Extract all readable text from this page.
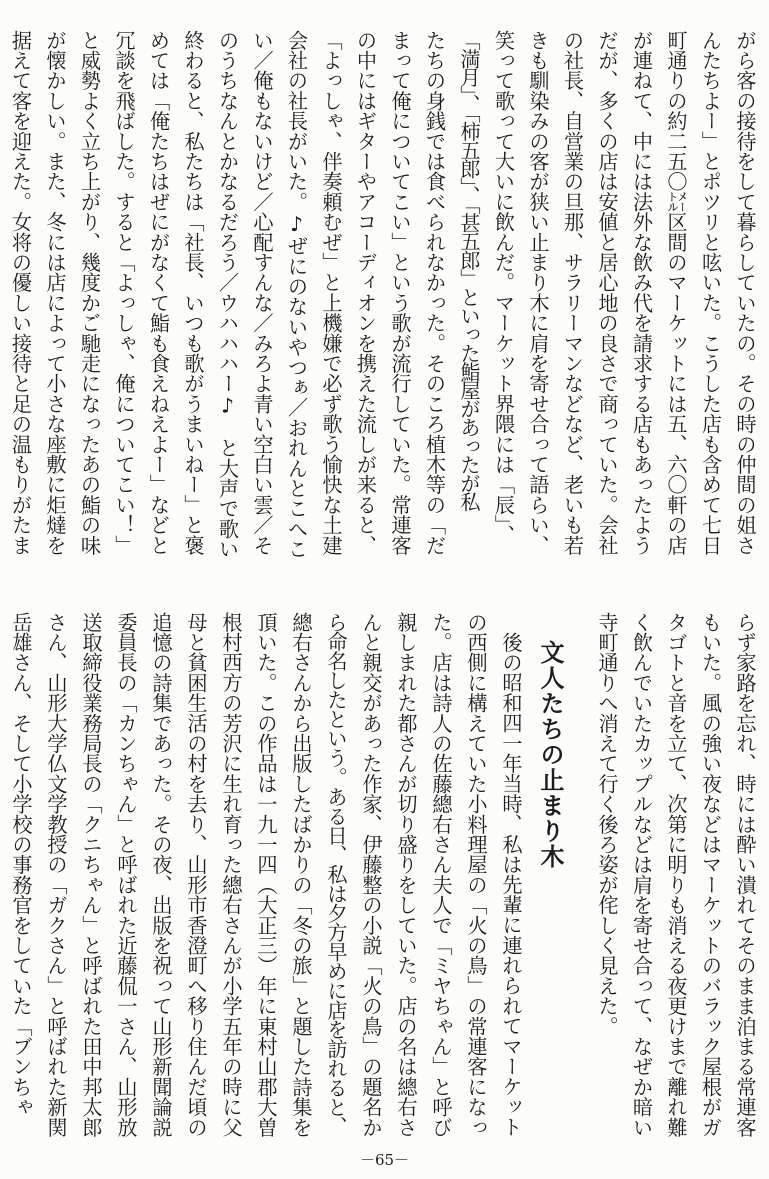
がら客の接待をして暮らしていたの。その時の仲間の姐さ
んたちよー」とポツリと呟いた。こうした店も含めて七日
町通りの約二五〇㍍区間のマーケットには五、六〇軒の店
が連ねて、中には法外な飲み代を請求する店もあったよう
だが、多くの店は安値と居心地の良さで商っていた。会社
の社長、自営業の旦那、サラリーマンなどなど、老いも若
きも馴染みの客が狭い止まり木に肩を寄せ合って語らい、
笑って歌って大いに飲んだ。マーケット界隈には「辰」、
「満月」、「柿五郎」、「甚五郎」といった鮨屋があったが私
たちの身銭では食べられなかった。そのころ植木等の「だ
まって俺についてこい」という歌が流行していた。常連客
の中にはギターやアコーディオンを携えた流しが来ると、
「よっしゃ、伴奏頼むぜ」と上機嫌で必ず歌う愉快な土建
会社の社長がいた。♪ぜにのないやつぁ／おれんとこへこ
い／俺もないけど／心配すんな／みろよ青い空白い雲／そ
のうちなんとかなるだろう／ウハハハー♪　と大声で歌い
終わると、私たちは「社長、いつも歌がうまいねー」と褒
めては「俺たちはぜにがなくて鮨も食えねえよー」などと
冗談を飛ばした。すると「よっしゃ、俺についてこい！」
と威勢よく立ち上がり、幾度かご馳走になったあの鮨の味
が懐かしい。また、冬には店によって小さな座敷に炬燵を
据えて客を迎えた。女将の優しい接待と足の温もりがたま
らず家路を忘れ、時には酔い潰れてそのまま泊まる常連客
もいた。風の強い夜などはマーケットのバラック屋根がガ
タゴトと音を立て、次第に明りも消える夜更けまで離れ難
く飲んでいたカップルなどは肩を寄せ合って、なぜか暗い
寺町通りへ消えて行く後ろ姿が侘しく見えた。
文人たちの止まり木
後の昭和四一年当時、私は先輩に連れられてマーケット
の西側に構えていた小料理屋の「火の鳥」の常連客になっ
た。店は詩人の佐藤總右さん夫人で「ミヤちゃん」と呼び
親しまれた都さんが切り盛りをしていた。店の名は總右さ
んと親交があった作家、伊藤整の小説「火の鳥」の題名か
ら命名したという。ある日、私は夕方早めに店を訪れると、
總右さんから出版したばかりの「冬の旅」と題した詩集を
頂いた。この作品は一九一四（大正三）年に東村山郡大曽
根村西方の芳沢に生れ育った總右さんが小学五年の時に父
母と貧困生活の村を去り、山形市香澄町へ移り住んだ頃の
追憶の詩集であった。その夜、出版を祝って山形新聞論説
委員長の「カンちゃん」と呼ばれた近藤侃一さん、山形放
送取締役業務局長の「クニちゃん」と呼ばれた田中邦太郎
さん、山形大学仏文学教授の「ガクさん」と呼ばれた新関
岳雄さん、そして小学校の事務官をしていた「ブンちゃ
－65－
